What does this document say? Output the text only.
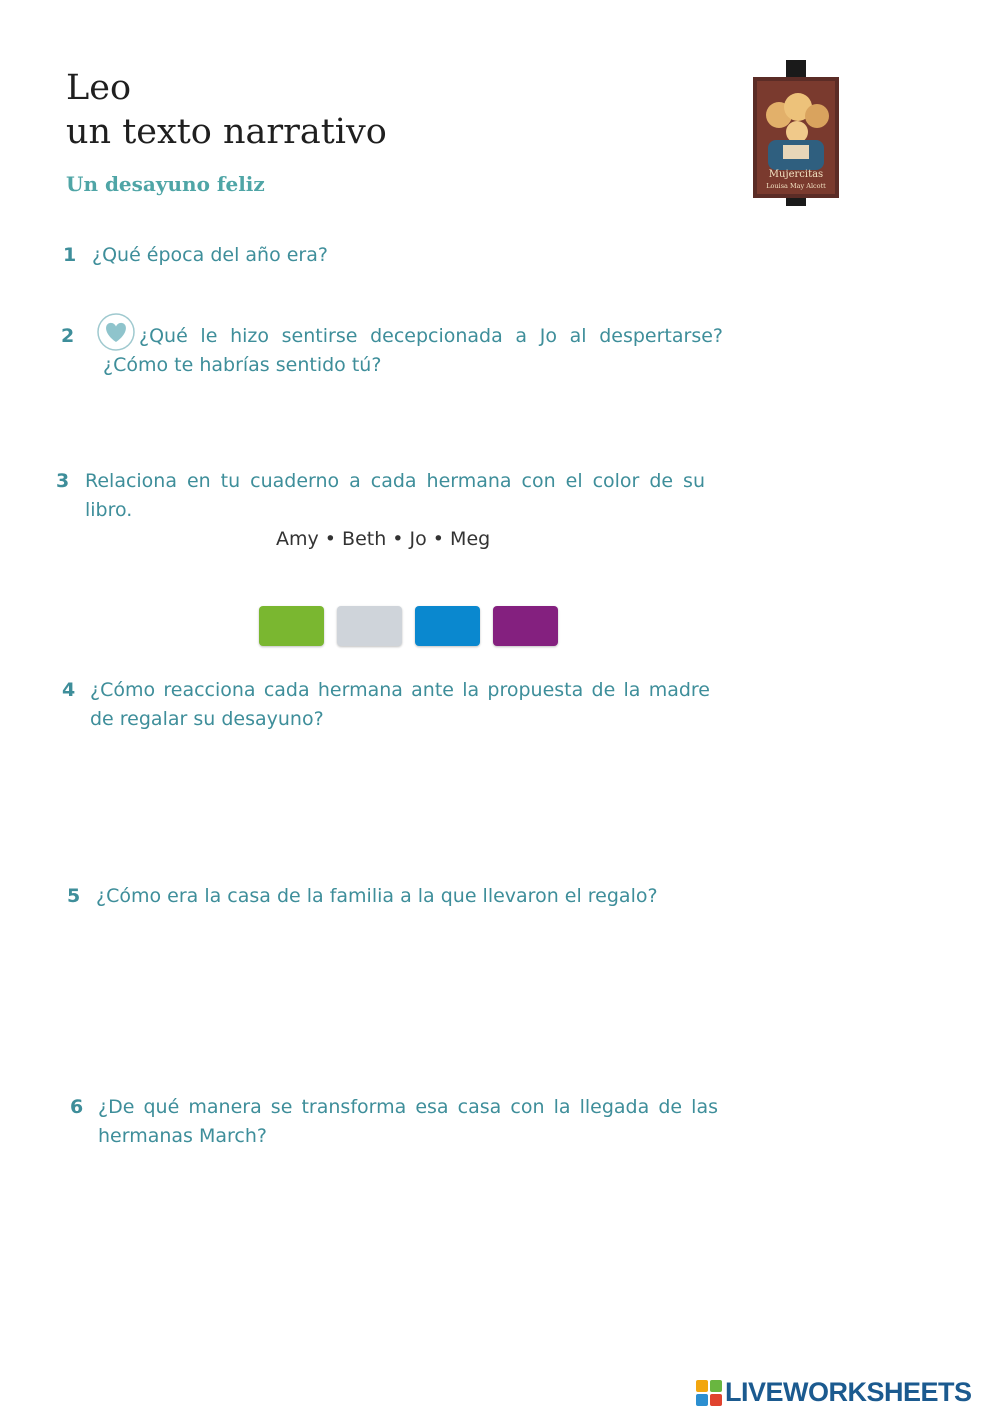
Leo
un texto narrativo
Un desayuno feliz	Mujercitas
Louisa May Alcott
1 ¿Qué época del año era?
2	¿Qué le hizo sentirse decepcionada a Jo al despertarse? ¿Cómo te habrías sentido tú?
3 Relaciona en tu cuaderno a cada hermana con el color de su libro.
Amy • Beth • Jo • Meg
4 ¿Cómo reacciona cada hermana ante la propuesta de la madre de regalar su desayuno?
5 ¿Cómo era la casa de la familia a la que llevaron el regalo?
6 ¿De qué manera se transforma esa casa con la llegada de las hermanas March?
LIVEWORKSHEETS
